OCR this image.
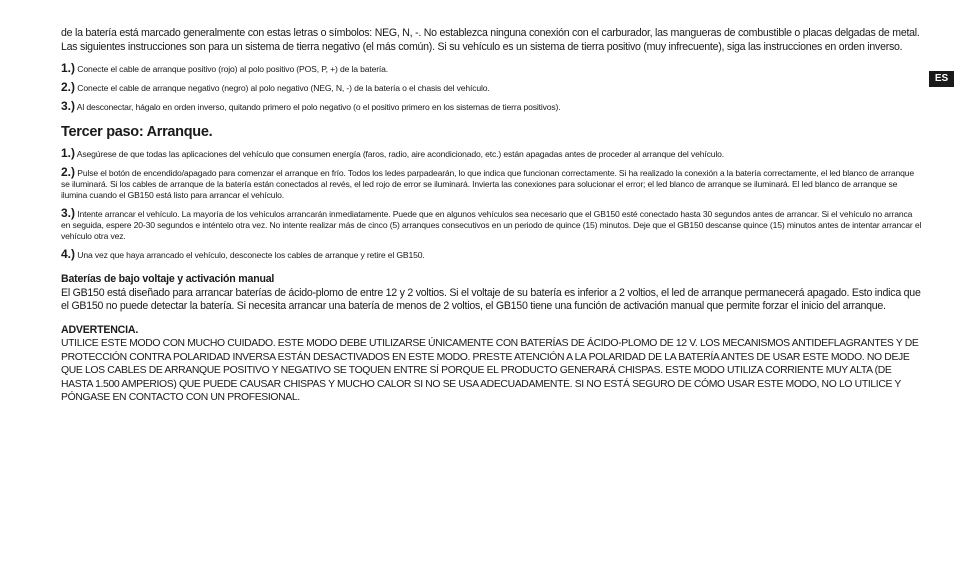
de la batería está marcado generalmente con estas letras o símbolos: NEG, N, -. No establezca ninguna conexión con el carburador, las mangueras de combustible o placas delgadas de metal. Las siguientes instrucciones son para un sistema de tierra negativo (el más común). Si su vehículo es un sistema de tierra positivo (muy infrecuente), siga las instrucciones en orden inverso.

1.) Conecte el cable de arranque positivo (rojo) al polo positivo (POS, P, +) de la batería.

2.) Conecte el cable de arranque negativo (negro) al polo negativo (NEG, N, -) de la batería o el chasis del vehículo.

3.) Al desconectar, hágalo en orden inverso, quitando primero el polo negativo (o el positivo primero en los sistemas de tierra positivos).

Tercer paso: Arranque.

1.) Asegúrese de que todas las aplicaciones del vehículo que consumen energía (faros, radio, aire acondicionado, etc.) están apagadas antes de proceder al arranque del vehículo.

2.) Pulse el botón de encendido/apagado para comenzar el arranque en frío. Todos los ledes parpadearán, lo que indica que funcionan correctamente. Si ha realizado la conexión a la batería correctamente, el led blanco de arranque se iluminará. Si los cables de arranque de la batería están conectados al revés, el led rojo de error se iluminará. Invierta las conexiones para solucionar el error; el led blanco de arranque se iluminará. El led blanco de arranque se ilumina cuando el GB150 está listo para arrancar el vehículo.

3.) Intente arrancar el vehículo. La mayoría de los vehículos arrancarán inmediatamente. Puede que en algunos vehículos sea necesario que el GB150 esté conectado hasta 30 segundos antes de arrancar. Si el vehículo no arranca en seguida, espere 20-30 segundos e inténtelo otra vez. No intente realizar más de cinco (5) arranques consecutivos en un periodo de quince (15) minutos. Deje que el GB150 descanse quince (15) minutos antes de intentar arrancar el vehículo otra vez.

4.) Una vez que haya arrancado el vehículo, desconecte los cables de arranque y retire el GB150.

Baterías de bajo voltaje y activación manual

El GB150 está diseñado para arrancar baterías de ácido-plomo de entre 12 y 2 voltios. Si el voltaje de su batería es inferior a 2 voltios, el led de arranque permanecerá apagado. Esto indica que el GB150 no puede detectar la batería. Si necesita arrancar una batería de menos de 2 voltios, el GB150 tiene una función de activación manual que permite forzar el inicio del arranque.

ADVERTENCIA.

UTILICE ESTE MODO CON MUCHO CUIDADO. ESTE MODO DEBE UTILIZARSE ÚNICAMENTE CON BATERÍAS DE ÁCIDO-PLOMO DE 12 V. LOS MECANISMOS ANTIDEFLAGRANTES Y DE PROTECCIÓN CONTRA POLARIDAD INVERSA ESTÁN DESACTIVADOS EN ESTE MODO. PRESTE ATENCIÓN A LA POLARIDAD DE LA BATERÍA ANTES DE USAR ESTE MODO. NO DEJE QUE LOS CABLES DE ARRANQUE POSITIVO Y NEGATIVO SE TOQUEN ENTRE SÍ PORQUE EL PRODUCTO GENERARÁ CHISPAS. ESTE MODO UTILIZA CORRIENTE MUY ALTA (DE HASTA 1.500 AMPERIOS) QUE PUEDE CAUSAR CHISPAS Y MUCHO CALOR SI NO SE USA ADECUADAMENTE. SI NO ESTÁ SEGURO DE CÓMO USAR ESTE MODO, NO LO UTILICE Y PÓNGASE EN CONTACTO CON UN PROFESIONAL.

ES
